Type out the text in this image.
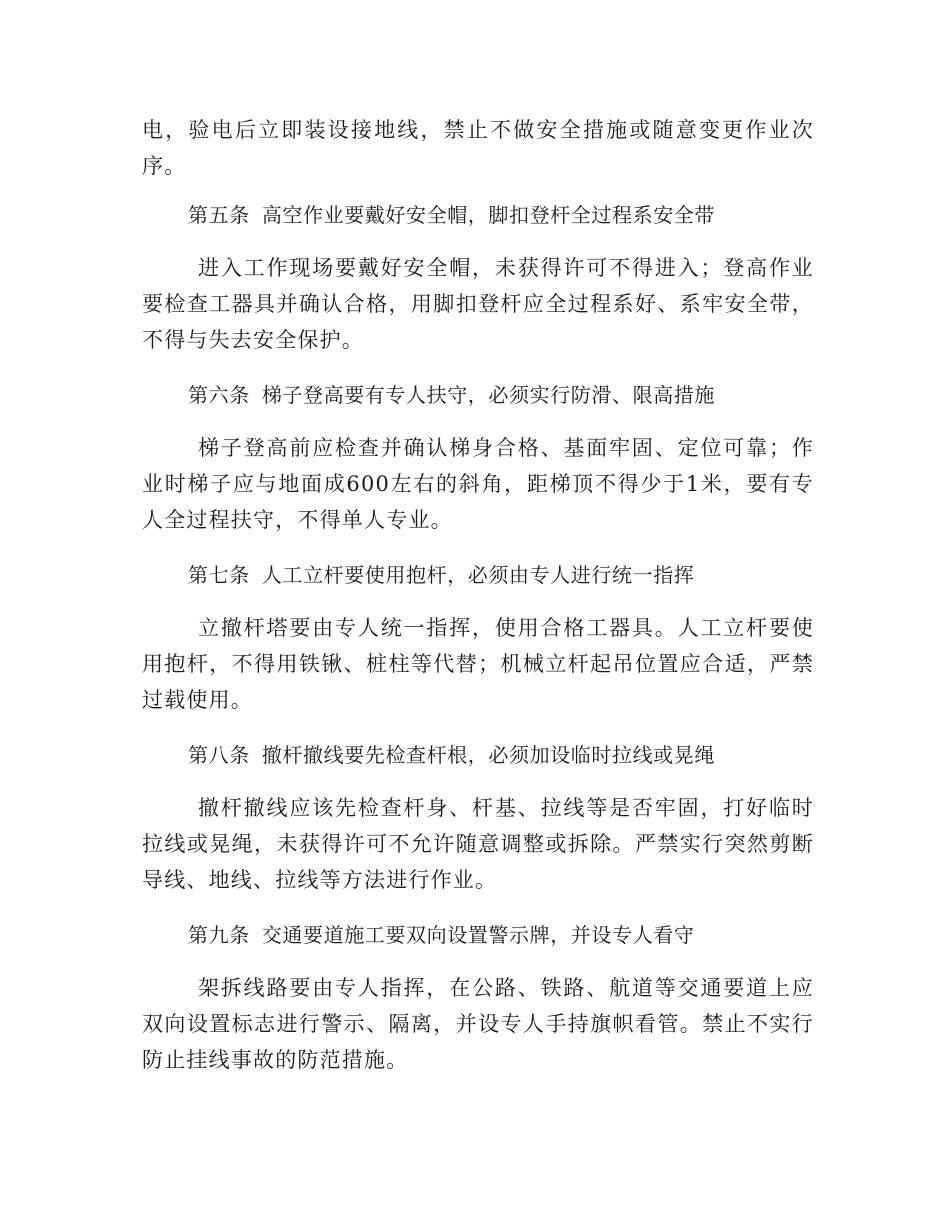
电，验电后立即装设接地线，禁止不做安全措施或随意变更作业次序。

第五条 高空作业要戴好安全帽，脚扣登杆全过程系安全带

进入工作现场要戴好安全帽，未获得许可不得进入；登高作业要检查工器具并确认合格，用脚扣登杆应全过程系好、系牢安全带，不得与失去安全保护。

第六条 梯子登高要有专人扶守，必须实行防滑、限高措施

梯子登高前应检查并确认梯身合格、基面牢固、定位可靠；作业时梯子应与地面成600左右的斜角，距梯顶不得少于1米，要有专人全过程扶守，不得单人专业。

第七条 人工立杆要使用抱杆，必须由专人进行统一指挥

立撤杆塔要由专人统一指挥，使用合格工器具。人工立杆要使用抱杆，不得用铁锹、桩柱等代替；机械立杆起吊位置应合适，严禁过载使用。

第八条 撤杆撤线要先检查杆根，必须加设临时拉线或晃绳

撤杆撤线应该先检查杆身、杆基、拉线等是否牢固，打好临时拉线或晃绳，未获得许可不允许随意调整或拆除。严禁实行突然剪断导线、地线、拉线等方法进行作业。

第九条 交通要道施工要双向设置警示牌，并设专人看守

架拆线路要由专人指挥，在公路、铁路、航道等交通要道上应双向设置标志进行警示、隔离，并设专人手持旗帜看管。禁止不实行防止挂线事故的防范措施。
